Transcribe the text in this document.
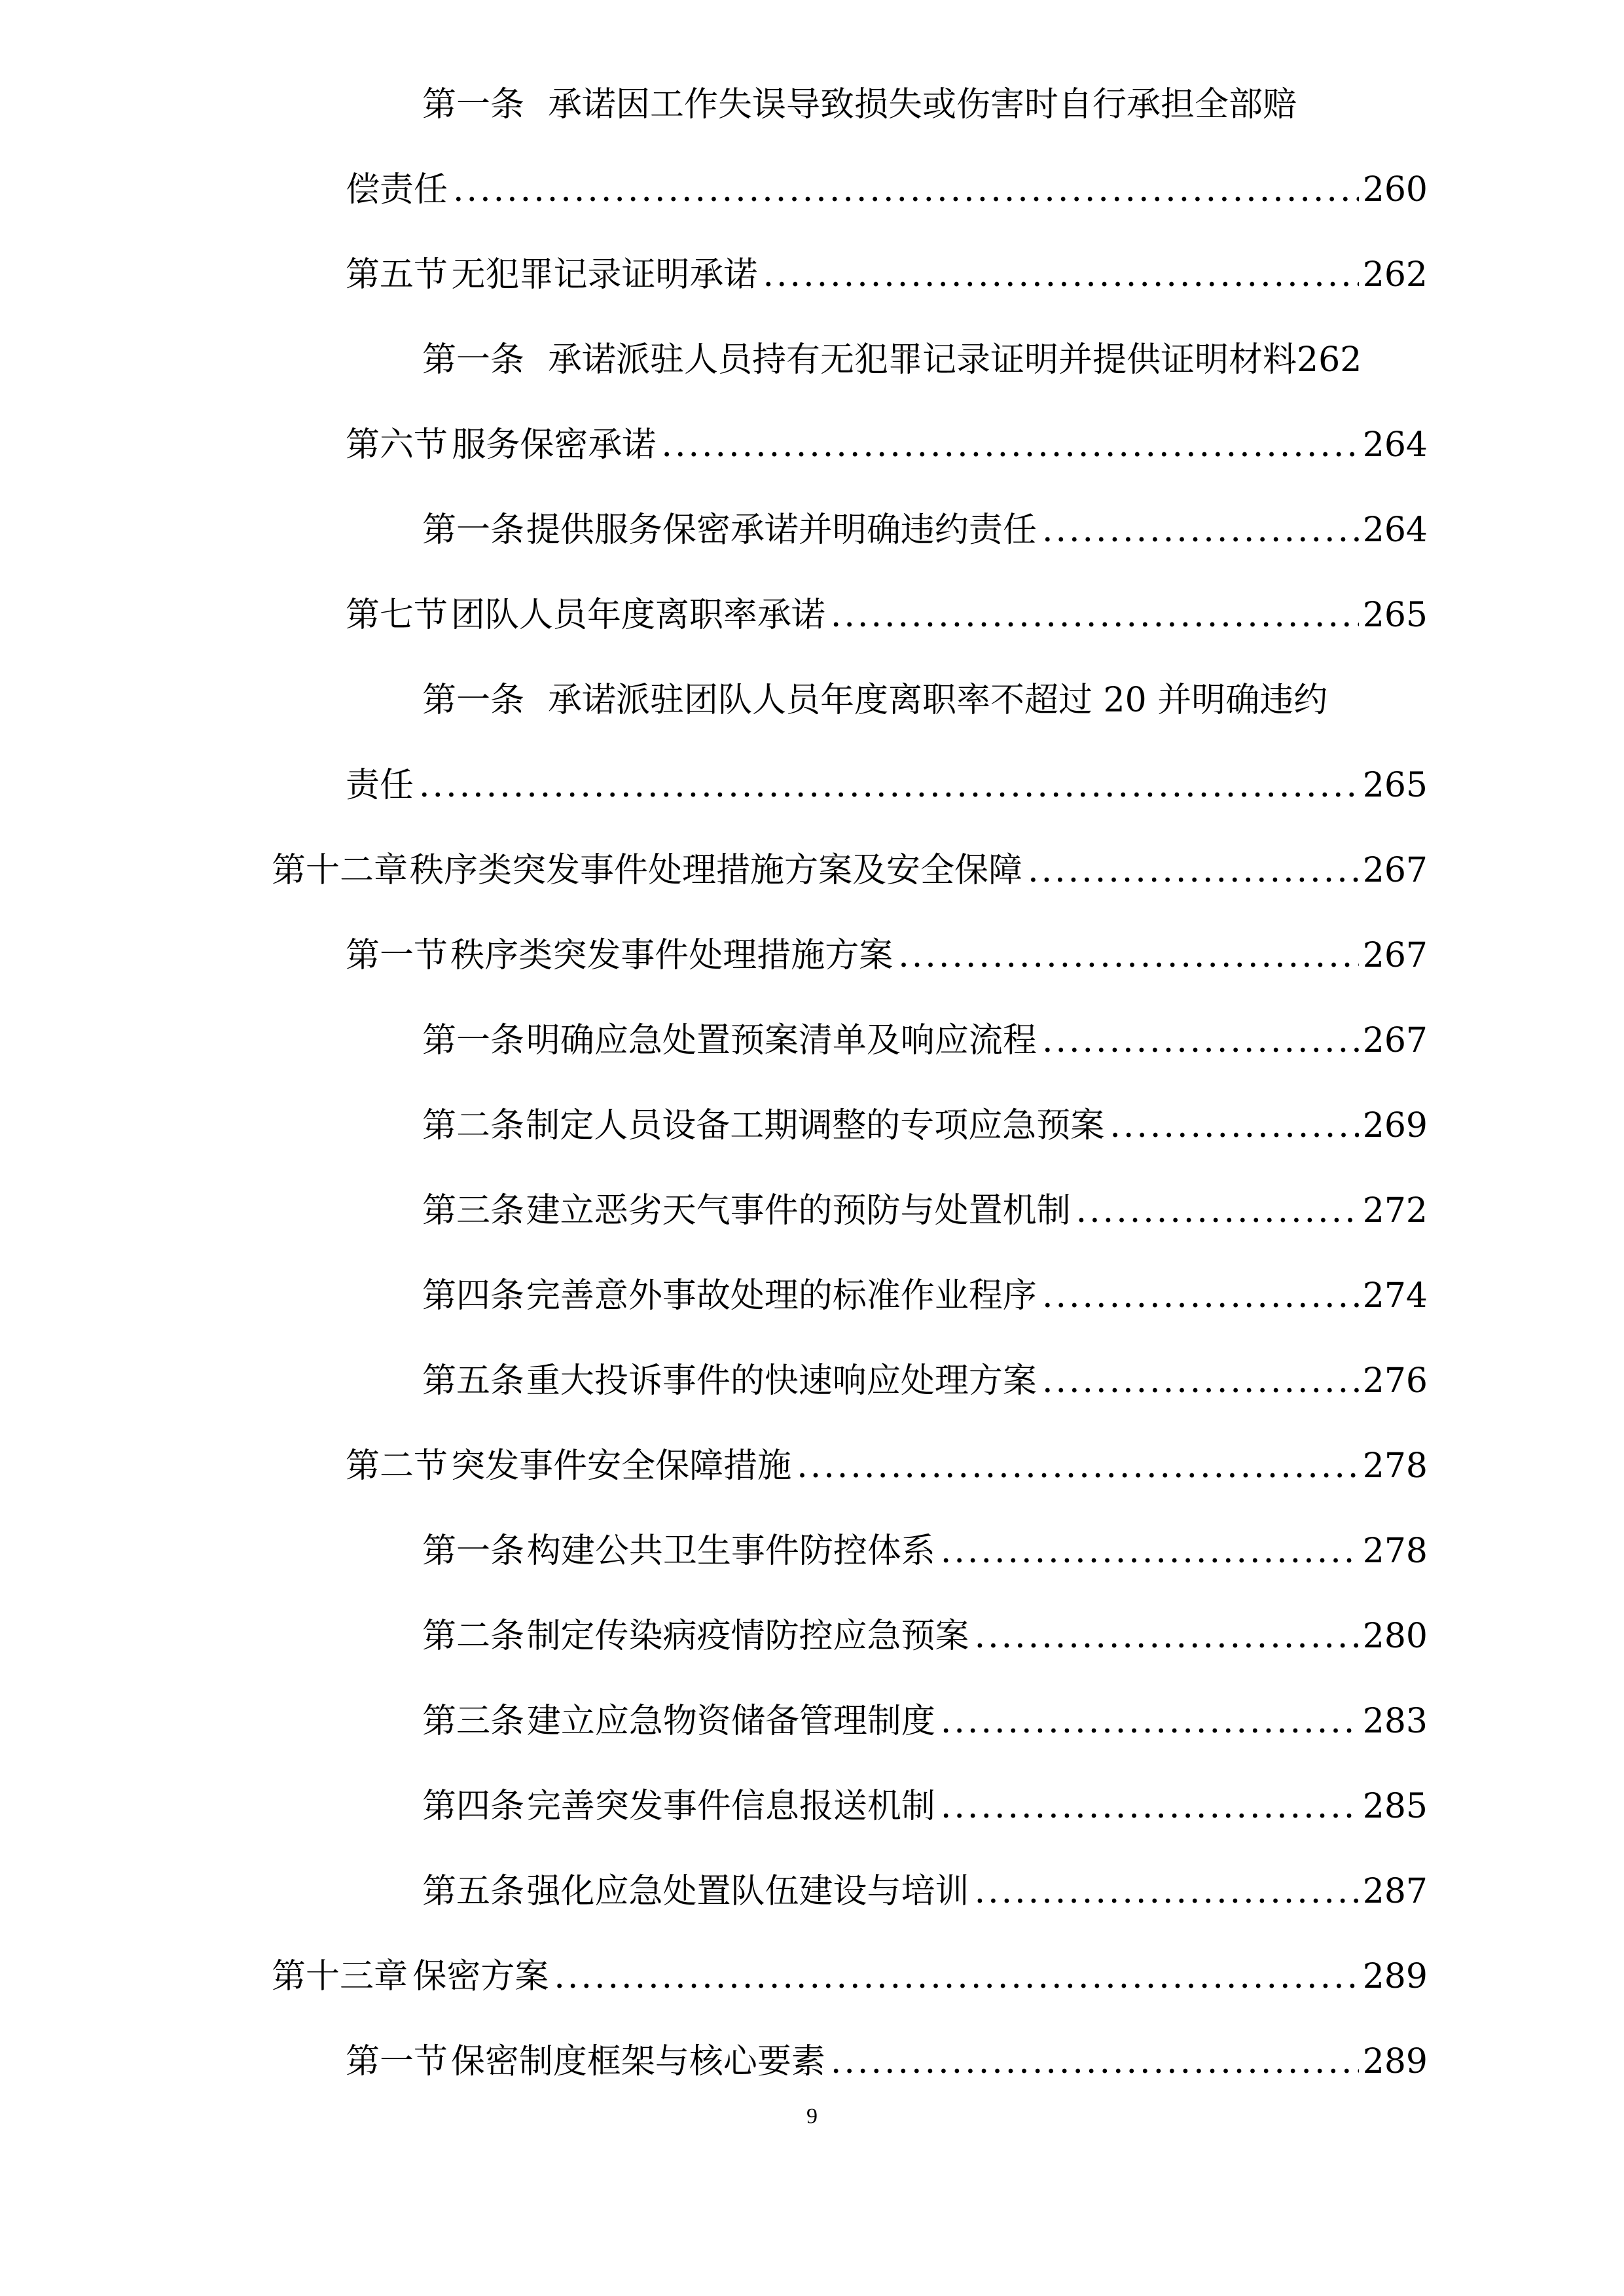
第一条 承诺因工作失误导致损失或伤害时自行承担全部赔
偿责任 .....	260
第五节 无犯罪记录证明承诺 .....	262
第一条 承诺派驻人员持有无犯罪记录证明并提供证明材料 262
第六节 服务保密承诺 .....	264
第一条 提供服务保密承诺并明确违约责任 .....	264
第七节 团队人员年度离职率承诺 .....	265
第一条 承诺派驻团队人员年度离职率不超过 20 并明确违约
责任 .....	265
第十二章 秩序类突发事件处理措施方案及安全保障 .....	267
第一节 秩序类突发事件处理措施方案 .....	267
第一条 明确应急处置预案清单及响应流程 .....	267
第二条 制定人员设备工期调整的专项应急预案 .....	269
第三条 建立恶劣天气事件的预防与处置机制 .....	272
第四条 完善意外事故处理的标准作业程序 .....	274
第五条 重大投诉事件的快速响应处理方案 .....	276
第二节 突发事件安全保障措施 .....	278
第一条 构建公共卫生事件防控体系 .....	278
第二条 制定传染病疫情防控应急预案 .....	280
第三条 建立应急物资储备管理制度 .....	283
第四条 完善突发事件信息报送机制 .....	285
第五条 强化应急处置队伍建设与培训 .....	287
第十三章 保密方案 .....	289
第一节 保密制度框架与核心要素 .....	289
9
